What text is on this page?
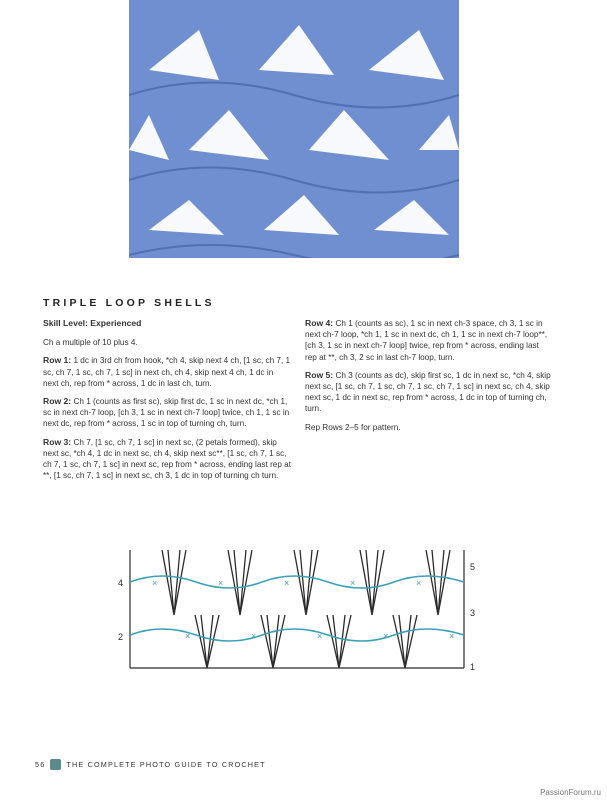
TRIPLE LOOP SHELLS

Skill Level: Experienced

Ch a multiple of 10 plus 4.

Row 1: 1 dc in 3rd ch from hook, *ch 4, skip next 4 ch, [1 sc, ch 7, 1 sc, ch 7, 1 sc, ch 7, 1 sc] in next ch, ch 4, skip next 4 ch, 1 dc in next ch, rep from * across, 1 dc in last ch, turn.

Row 2: Ch 1 (counts as first sc), skip first dc, 1 sc in next dc, *ch 1, sc in next ch-7 loop, [ch 3, 1 sc in next ch-7 loop] twice, ch 1, 1 sc in next dc, rep from * across, 1 sc in top of turning ch, turn.

Row 3: Ch 7, [1 sc, ch 7, 1 sc] in next sc, (2 petals formed), skip next sc, *ch 4, 1 dc in next sc, ch 4, skip next sc**, [1 sc, ch 7, 1 sc, ch 7, 1 sc, ch 7, 1 sc] in next sc, rep from * across, ending last rep at **, [1 sc, ch 7, 1 sc] in next sc, ch 3, 1 dc in top of turning ch turn.

Row 4: Ch 1 (counts as sc), 1 sc in next ch-3 space, ch 3, 1 sc in next ch-7 loop, *ch 1, 1 sc in next dc, ch 1, 1 sc in next ch-7 loop**, [ch 3, 1 sc in next ch-7 loop] twice, rep from * across, ending last rep at **, ch 3, 2 sc in last ch-7 loop, turn.

Row 5: Ch 3 (counts as dc), skip first sc, 1 dc in next sc, *ch 4, skip next sc, [1 sc, ch 7, 1 sc, ch 7, 1 sc, ch 7, 1 sc] in next sc, ch 4, skip next sc, 1 dc in next sc, rep from * across, 1 dc in top of turning ch, turn.

Rep Rows 2–5 for pattern.

×	×	×	×	×
×	×	×	×	×
5
4
3
2
1
56	THE COMPLETE PHOTO GUIDE TO CROCHET
PassionForum.ru
